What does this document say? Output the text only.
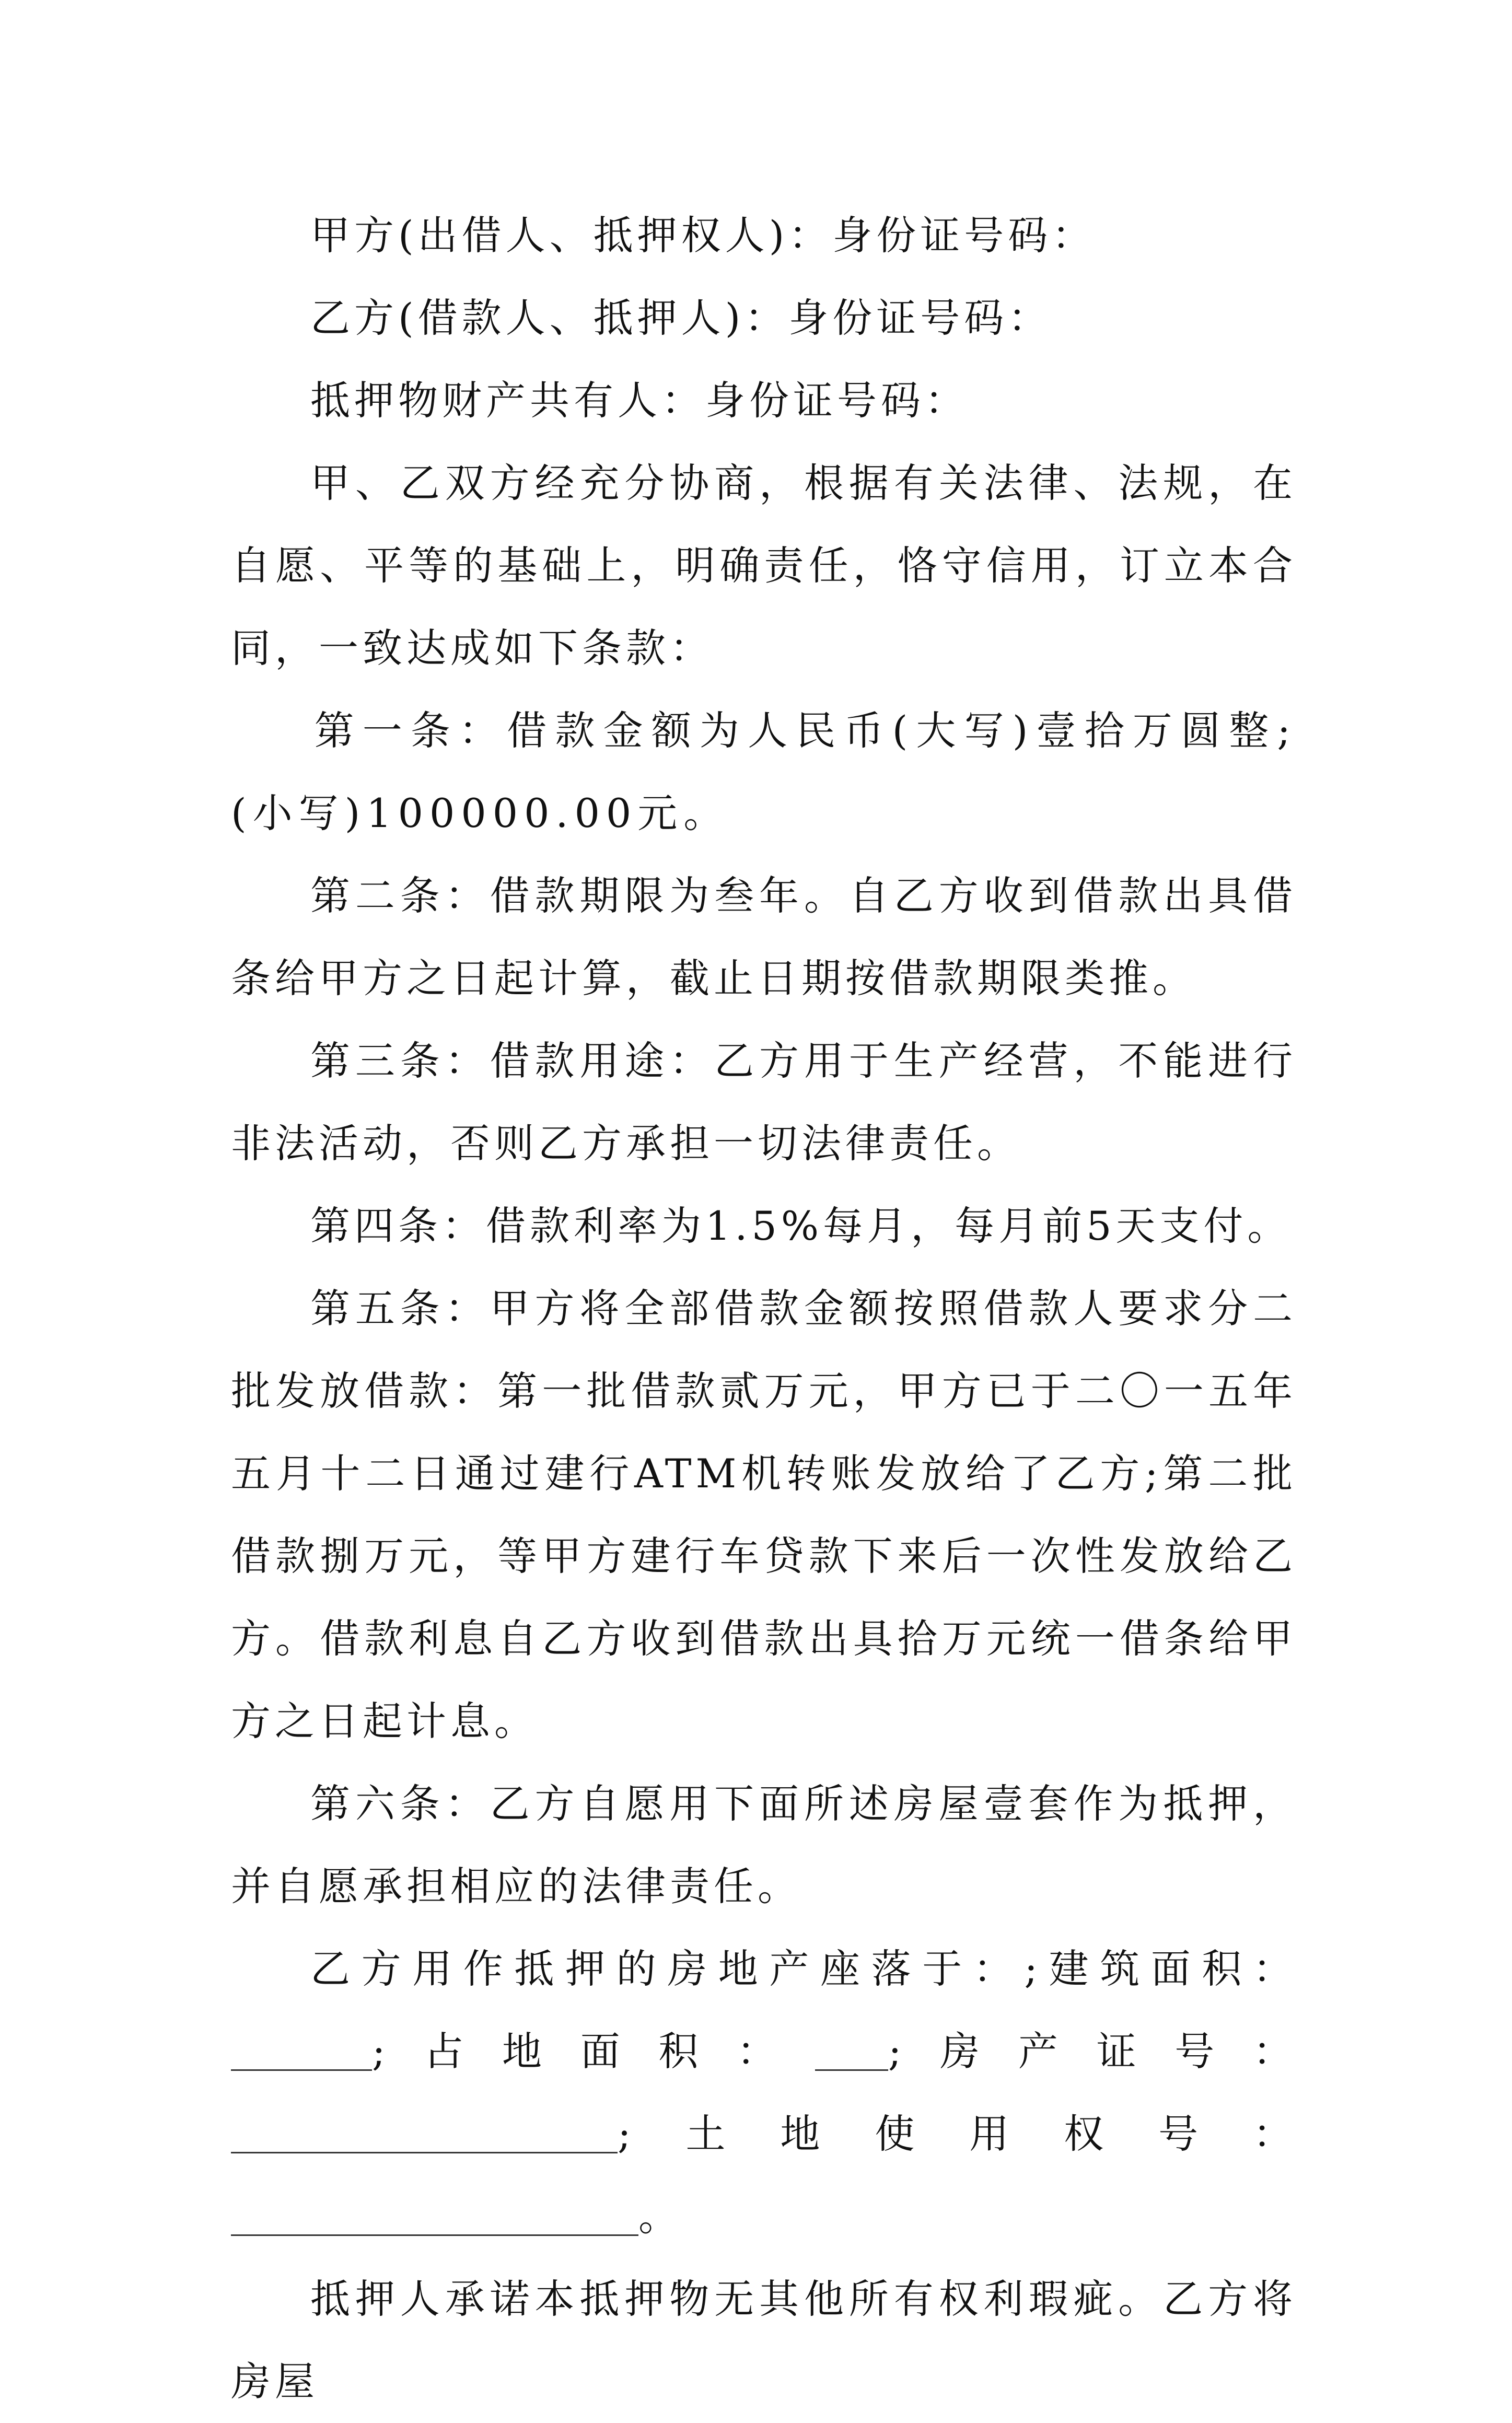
甲方(出借人、抵押权人)：身份证号码：

乙方(借款人、抵押人)：身份证号码：

抵押物财产共有人：身份证号码：

甲、乙双方经充分协商，根据有关法律、法规，在自愿、平等的基础上，明确责任，恪守信用，订立本合同，一致达成如下条款：

第一条：借款金额为人民币(大写)壹拾万圆整;(小写)100000.00元。

第二条：借款期限为叁年。自乙方收到借款出具借条给甲方之日起计算，截止日期按借款期限类推。

第三条：借款用途：乙方用于生产经营，不能进行非法活动，否则乙方承担一切法律责任。

第四条：借款利率为1.5%每月，每月前5天支付。

第五条：甲方将全部借款金额按照借款人要求分二批发放借款：第一批借款贰万元，甲方已于二〇一五年五月十二日通过建行ATM机转账发放给了乙方;第二批借款捌万元，等甲方建行车贷款下来后一次性发放给乙方。借款利息自乙方收到借款出具拾万元统一借条给甲方之日起计息。

第六条：乙方自愿用下面所述房屋壹套作为抵押，并自愿承担相应的法律责任。

乙方用作抵押的房地产座落于：;建筑面积：;占地面积： ;房产证号：;土地使用权号：。

抵押人承诺本抵押物无其他所有权利瑕疵。乙方将房屋
